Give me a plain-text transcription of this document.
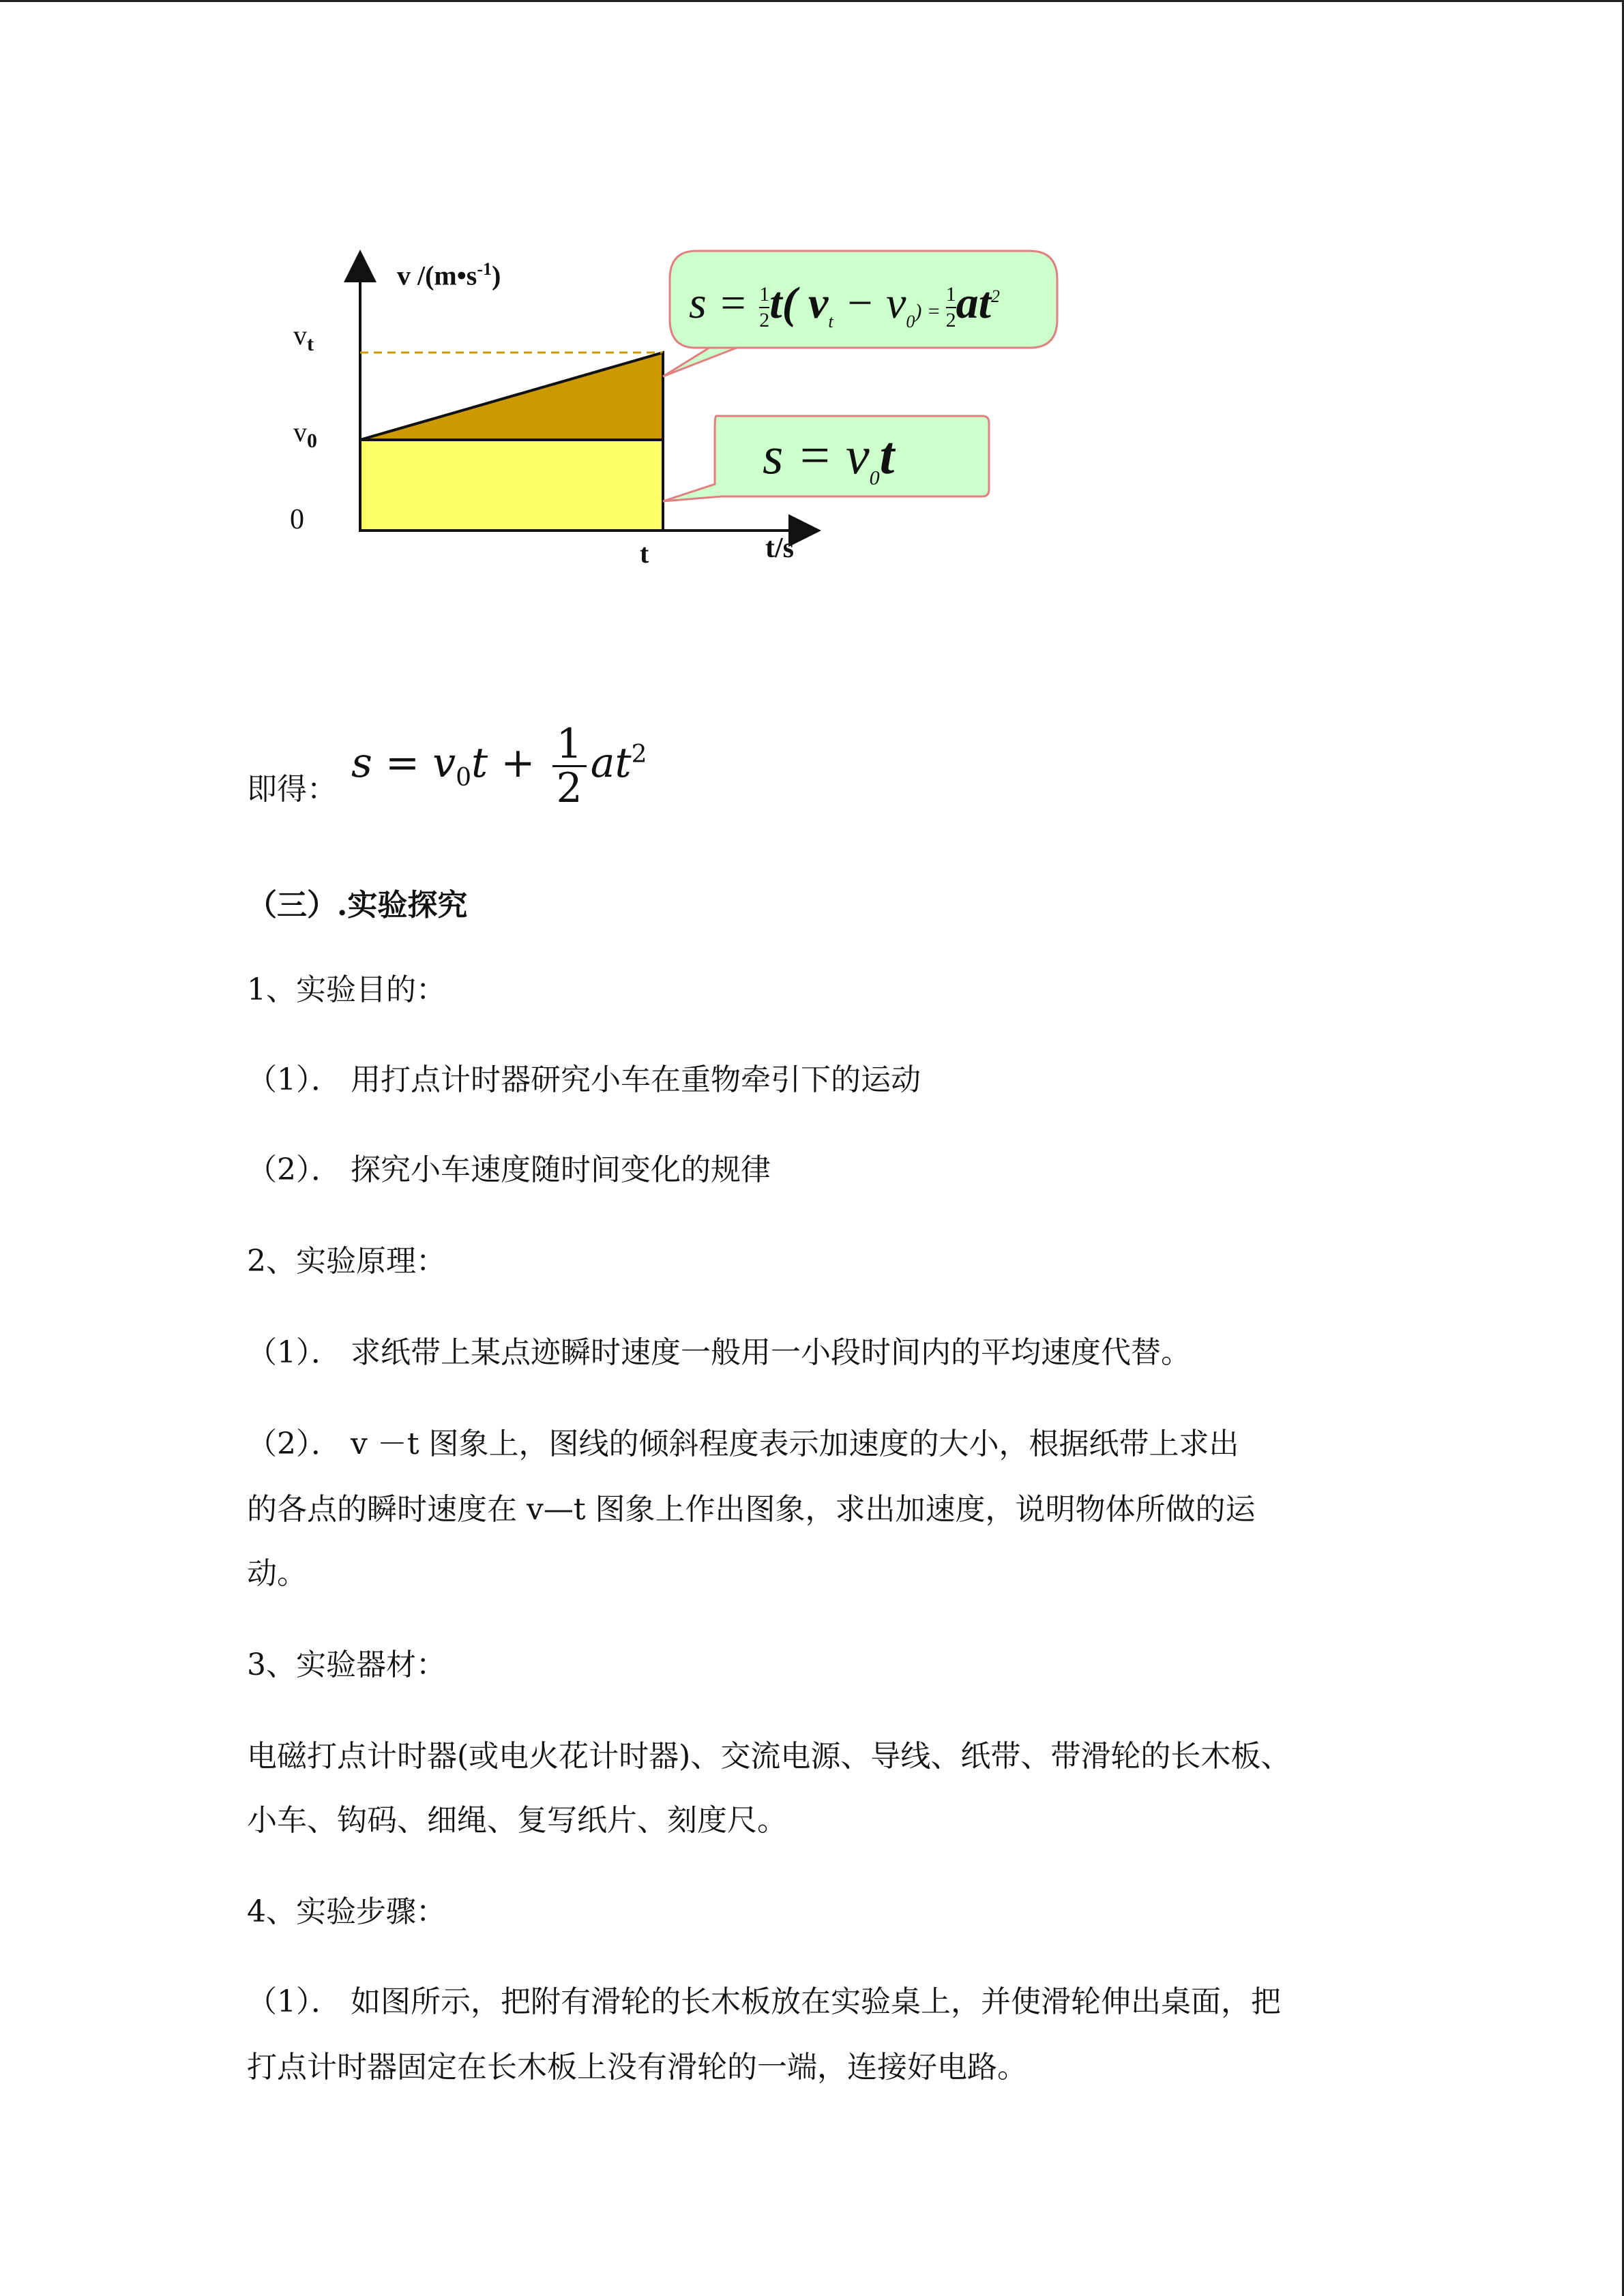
v $/(m•s^{-1})$
$v_t$
$v_0$
0
t	t/s
$s = \frac{1}{2} t$( $v_t - v_0) = \frac{1}{2} at^2$
$s = v_0t$
即得：
$s = v_0t + \frac{1}{2} at^2$
（三）.实验探究
1、实验目的：
（1）． 用打点计时器研究小车在重物牵引下的运动
（2）． 探究小车速度随时间变化的规律
2、实验原理：
（1）． 求纸带上某点迹瞬时速度一般用一小段时间内的平均速度代替。
（2）． v －t 图象上，图线的倾斜程度表示加速度的大小，根据纸带上求出
的各点的瞬时速度在 v—t 图象上作出图象，求出加速度，说明物体所做的运
动。
3、实验器材：
电磁打点计时器(或电火花计时器)、交流电源、导线、纸带、带滑轮的长木板、
小车、钩码、细绳、复写纸片、刻度尺。
4、实验步骤：
（1）． 如图所示，把附有滑轮的长木板放在实验桌上，并使滑轮伸出桌面，把
打点计时器固定在长木板上没有滑轮的一端，连接好电路。
